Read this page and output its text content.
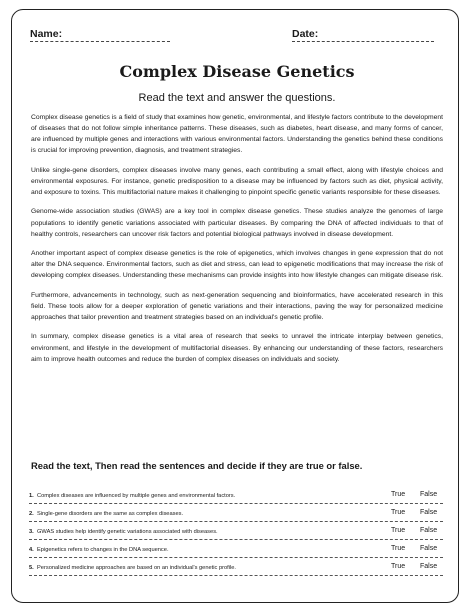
Name:	Date:
Complex Disease Genetics
Read the text and answer the questions.

Complex disease genetics is a field of study that examines how genetic, environmental, and lifestyle factors contribute to the development of diseases that do not follow simple inheritance patterns. These diseases, such as diabetes, heart disease, and many forms of cancer, are influenced by multiple genes and interactions with various environmental factors. Understanding the genetics behind these conditions is crucial for improving prevention, diagnosis, and treatment strategies.

Unlike single-gene disorders, complex diseases involve many genes, each contributing a small effect, along with lifestyle choices and environmental exposures. For instance, genetic predisposition to a disease may be influenced by factors such as diet, physical activity, and exposure to toxins. This multifactorial nature makes it challenging to pinpoint specific genetic variants responsible for these diseases.

Genome-wide association studies (GWAS) are a key tool in complex disease genetics. These studies analyze the genomes of large populations to identify genetic variations associated with particular diseases. By comparing the DNA of affected individuals to that of healthy controls, researchers can uncover risk factors and potential biological pathways involved in disease development.

Another important aspect of complex disease genetics is the role of epigenetics, which involves changes in gene expression that do not alter the DNA sequence. Environmental factors, such as diet and stress, can lead to epigenetic modifications that may increase the risk of developing complex diseases. Understanding these mechanisms can provide insights into how lifestyle changes can mitigate disease risk.

Furthermore, advancements in technology, such as next-generation sequencing and bioinformatics, have accelerated research in this field. These tools allow for a deeper exploration of genetic variations and their interactions, paving the way for personalized medicine approaches that tailor prevention and treatment strategies based on an individual's genetic profile.

In summary, complex disease genetics is a vital area of research that seeks to unravel the intricate interplay between genetics, environment, and lifestyle in the development of multifactorial diseases. By enhancing our understanding of these factors, researchers aim to improve health outcomes and reduce the burden of complex diseases on individuals and society.

Read the text, Then read the sentences and decide if they are true or false.
1. Complex diseases are influenced by multiple genes and environmental factors.	True False
2. Single-gene disorders are the same as complex diseases.	True False
3. GWAS studies help identify genetic variations associated with diseases.	True False
4. Epigenetics refers to changes in the DNA sequence.	True False
5. Personalized medicine approaches are based on an individual's genetic profile.	True False
